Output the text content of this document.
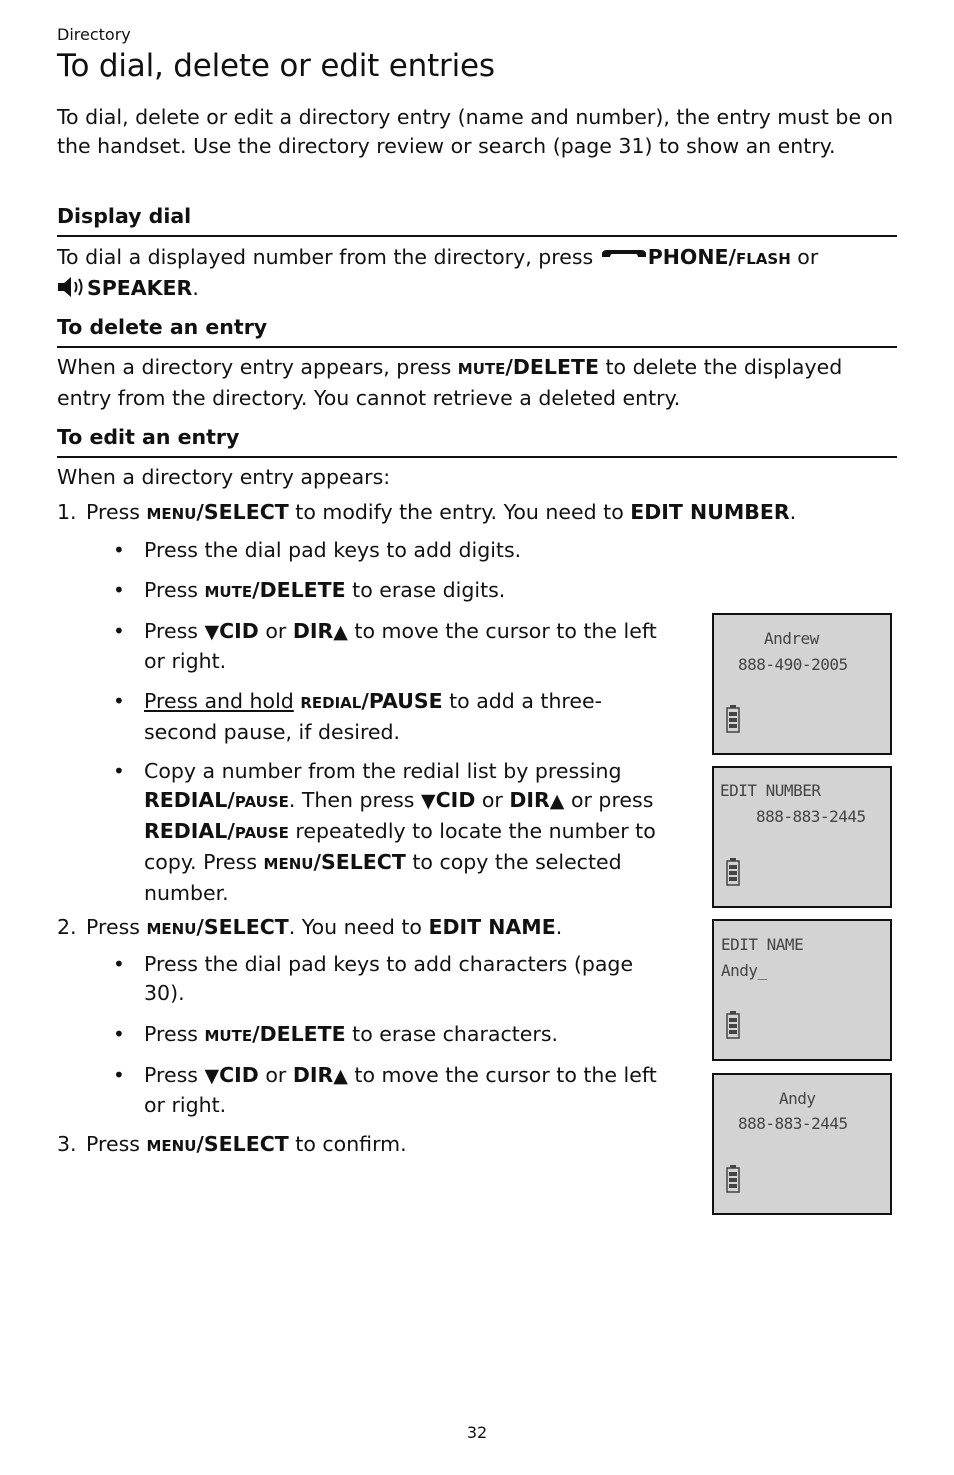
Directory
To dial, delete or edit entries
To dial, delete or edit a directory entry (name and number), the entry must be on the handset. Use the directory review or search (page 31) to show an entry.
Display dial
To dial a displayed number from the directory, press PHONE/FLASH or
SPEAKER.
To delete an entry
When a directory entry appears, press MUTE/DELETE to delete the displayed entry from the directory. You cannot retrieve a deleted entry.
To edit an entry
When a directory entry appears:
1. Press MENU/SELECT to modify the entry. You need to EDIT NUMBER.
• Press the dial pad keys to add digits.
• Press MUTE/DELETE to erase digits.
• Press ▼CID or DIR▲ to move the cursor to the left or right.
• Press and hold REDIAL/PAUSE to add a three-second pause, if desired.
• Copy a number from the redial list by pressing REDIAL/PAUSE. Then press ▼CID or DIR▲ or press REDIAL/PAUSE repeatedly to locate the number to copy. Press MENU/SELECT to copy the selected number.
2. Press MENU/SELECT. You need to EDIT NAME.
• Press the dial pad keys to add characters (page 30).
• Press MUTE/DELETE to erase characters.
• Press ▼CID or DIR▲ to move the cursor to the left or right.
3. Press MENU/SELECT to confirm.
Andrew
888-490-2005
EDIT NUMBER
888-883-2445
EDIT NAME
Andy_
Andy
888-883-2445
32
